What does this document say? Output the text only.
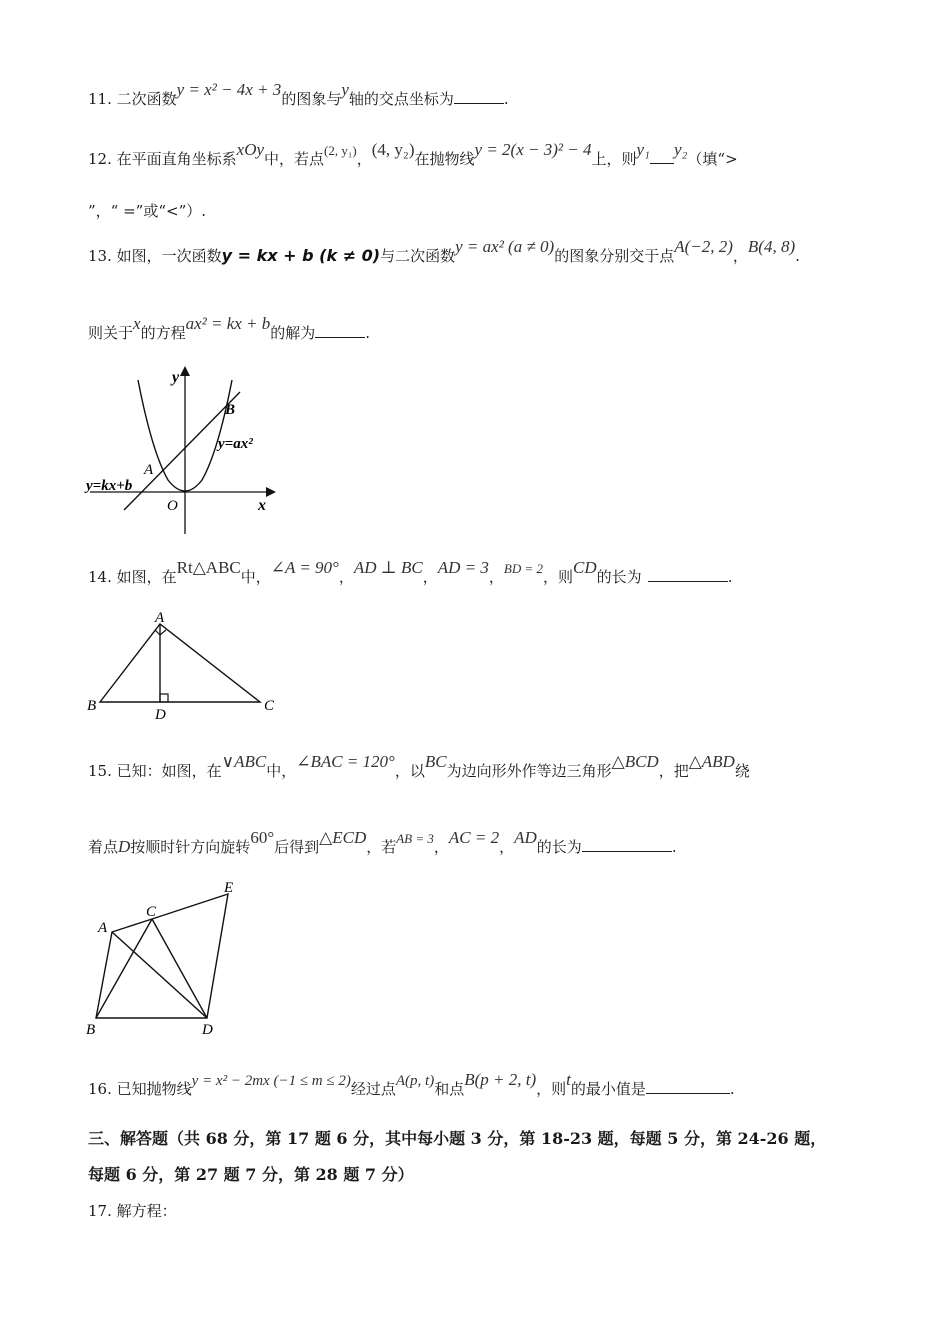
11. 二次函数y = x² − 4x + 3的图象与y轴的交点坐标为	.
12. 在平面直角坐标系xOy中，若点(2, y₁)，(4, y₂)在抛物线y = 2(x − 3)² − 4上，则y₁ y₂（填“>
”，“ =”或“<”）.
13. 如图，一次函数y = kx + b (k ≠ 0)与二次函数y = ax² (a ≠ 0)的图象分别交于点A(−2, 2)，B(4, 8).
则关于x的方程ax² = kx + b的解为	.
y
x
O
A
B
y=ax²
y=kx+b
14. 如图，在Rt△ABC中，∠A = 90°，AD ⊥ BC，AD = 3，BD = 2，则CD的长为	.
A
B	C
D
15. 已知：如图，在∨ABC中，∠BAC = 120°，以BC为边向形外作等边三角形△BCD，把△ABD绕
着点D按顺时针方向旋转60°后得到△ECD，若AB = 3，AC = 2，AD的长为	.
A
C
E
B	D
16. 已知抛物线y = x² − 2mx (−1 ≤ m ≤ 2)经过点A(p, t)和点B(p + 2, t)，则t的最小值是	.
三、解答题（共 68 分，第 17 题 6 分，其中每小题 3 分，第 18-23 题，每题 5 分，第 24-26 题，
每题 6 分，第 27 题 7 分，第 28 题 7 分）
17. 解方程：
